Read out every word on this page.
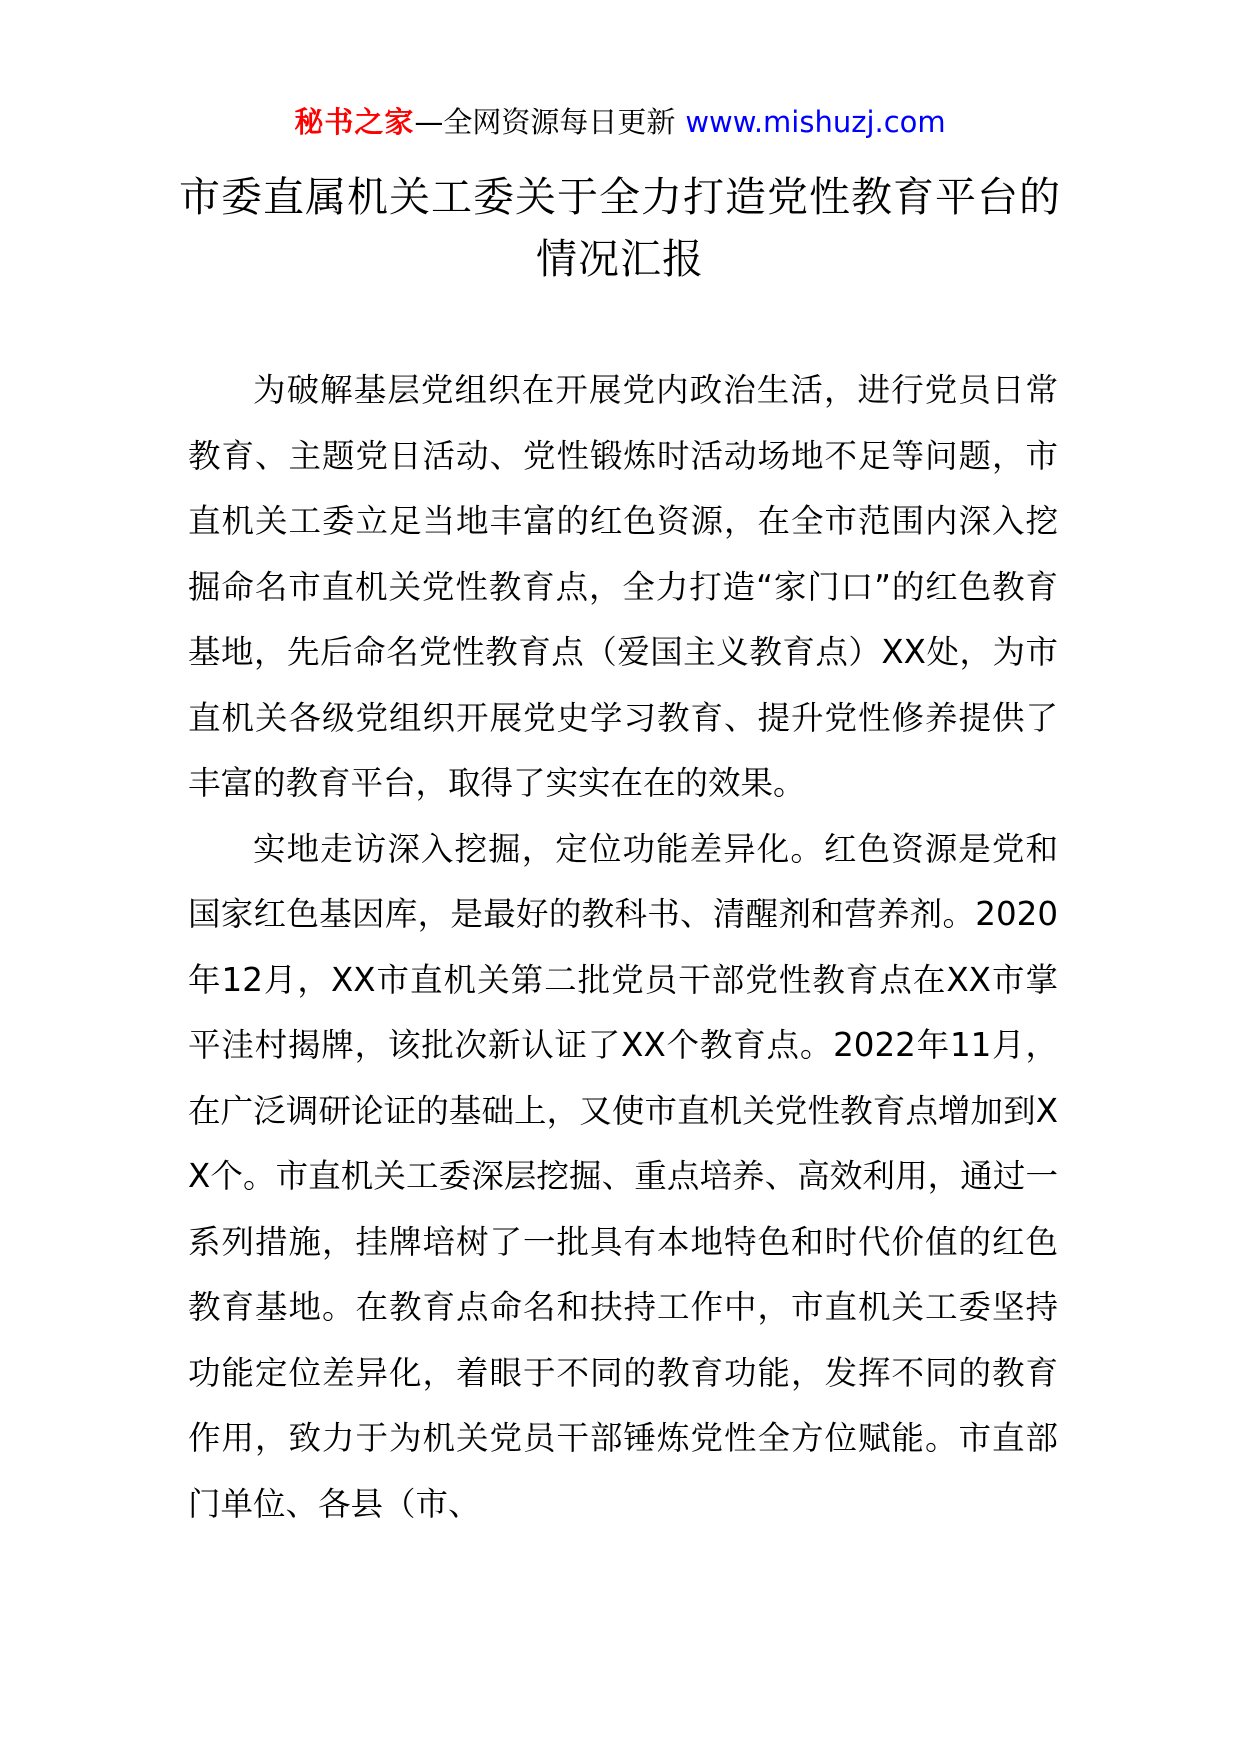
秘书之家—全网资源每日更新 www.mishuzj.com
市委直属机关工委关于全力打造党性教育平台的情况汇报

为破解基层党组织在开展党内政治生活，进行党员日常教育、主题党日活动、党性锻炼时活动场地不足等问题，市直机关工委立足当地丰富的红色资源，在全市范围内深入挖掘命名市直机关党性教育点，全力打造“家门口”的红色教育基地，先后命名党性教育点（爱国主义教育点）XX处，为市直机关各级党组织开展党史学习教育、提升党性修养提供了丰富的教育平台，取得了实实在在的效果。

实地走访深入挖掘，定位功能差异化。红色资源是党和国家红色基因库，是最好的教科书、清醒剂和营养剂。2020年12月，XX市直机关第二批党员干部党性教育点在XX市掌平洼村揭牌，该批次新认证了XX个教育点。2022年11月，在广泛调研论证的基础上，又使市直机关党性教育点增加到XX个。市直机关工委深层挖掘、重点培养、高效利用，通过一系列措施，挂牌培树了一批具有本地特色和时代价值的红色教育基地。在教育点命名和扶持工作中，市直机关工委坚持功能定位差异化，着眼于不同的教育功能，发挥不同的教育作用，致力于为机关党员干部锤炼党性全方位赋能。市直部门单位、各县（市、
